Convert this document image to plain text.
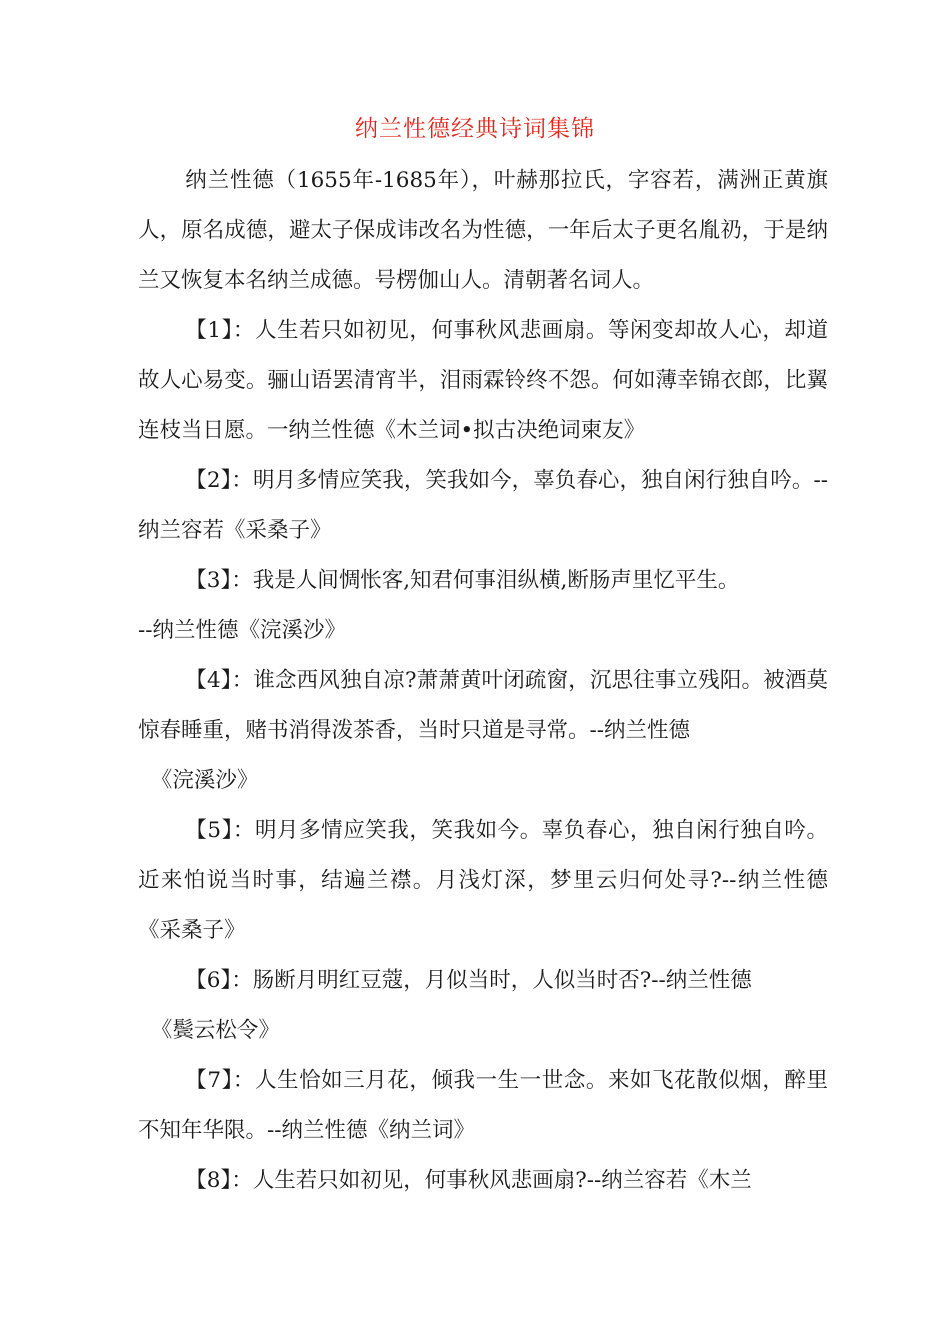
纳兰性德经典诗词集锦

纳兰性德（1655年-1685年），叶赫那拉氏，字容若，满洲正黄旗人，原名成德，避太子保成讳改名为性德，一年后太子更名胤礽，于是纳兰又恢复本名纳兰成德。号楞伽山人。清朝著名词人。

【1】：人生若只如初见，何事秋风悲画扇。等闲变却故人心，却道故人心易变。骊山语罢清宵半，泪雨霖铃终不怨。何如薄幸锦衣郎，比翼连枝当日愿。一纳兰性德《木兰词•拟古决绝词柬友》

【2】：明月多情应笑我，笑我如今，辜负春心，独自闲行独自吟。--纳兰容若《采桑子》

【3】：我是人间惆怅客,知君何事泪纵横,断肠声里忆平生。
--纳兰性德《浣溪沙》

【4】：谁念西风独自凉?萧萧黄叶闭疏窗，沉思往事立残阳。被酒莫惊春睡重，赌书消得泼茶香，当时只道是寻常。--纳兰性德
《浣溪沙》

【5】：明月多情应笑我，笑我如今。辜负春心，独自闲行独自吟。近来怕说当时事，结遍兰襟。月浅灯深，梦里云归何处寻?--纳兰性德《采桑子》

【6】：肠断月明红豆蔻，月似当时，人似当时否?--纳兰性德
《鬓云松令》

【7】：人生恰如三月花，倾我一生一世念。来如飞花散似烟，醉里不知年华限。--纳兰性德《纳兰词》

【8】：人生若只如初见，何事秋风悲画扇?--纳兰容若《木兰
